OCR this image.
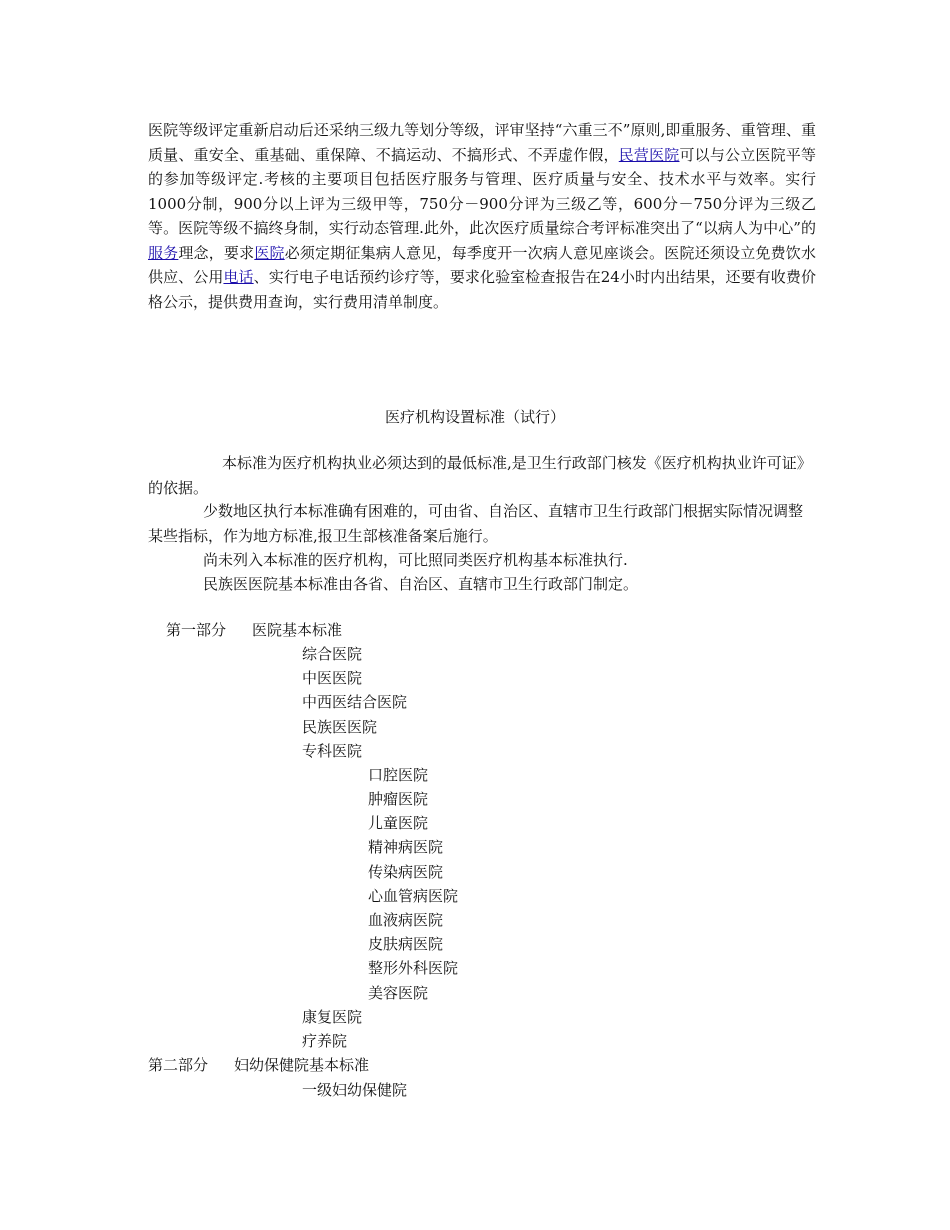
医院等级评定重新启动后还采纳三级九等划分等级，评审坚持“六重三不”原则,即重服务、重管理、重质量、重安全、重基础、重保障、不搞运动、不搞形式、不弄虚作假，民营医院可以与公立医院平等的参加等级评定.考核的主要项目包括医疗服务与管理、医疗质量与安全、技术水平与效率。实行1000分制，900分以上评为三级甲等，750分－900分评为三级乙等，600分－750分评为三级乙等。医院等级不搞终身制，实行动态管理.此外，此次医疗质量综合考评标准突出了“以病人为中心”的服务理念，要求医院必须定期征集病人意见，每季度开一次病人意见座谈会。医院还须设立免费饮水供应、公用电话、实行电子电话预约诊疗等，要求化验室检查报告在24小时内出结果，还要有收费价格公示，提供费用查询，实行费用清单制度。
医疗机构设置标准（试行）
本标准为医疗机构执业必须达到的最低标准,是卫生行政部门核发《医疗机构执业许可证》的依据。
少数地区执行本标准确有困难的，可由省、自治区、直辖市卫生行政部门根据实际情况调整某些指标，作为地方标准,报卫生部核准备案后施行。
尚未列入本标准的医疗机构，可比照同类医疗机构基本标准执行.
民族医医院基本标准由各省、自治区、直辖市卫生行政部门制定。
第一部分 医院基本标准
综合医院
中医医院
中西医结合医院
民族医医院
专科医院
口腔医院
肿瘤医院
儿童医院
精神病医院
传染病医院
心血管病医院
血液病医院
皮肤病医院
整形外科医院
美容医院
康复医院
疗养院
第二部分 妇幼保健院基本标准
一级妇幼保健院
